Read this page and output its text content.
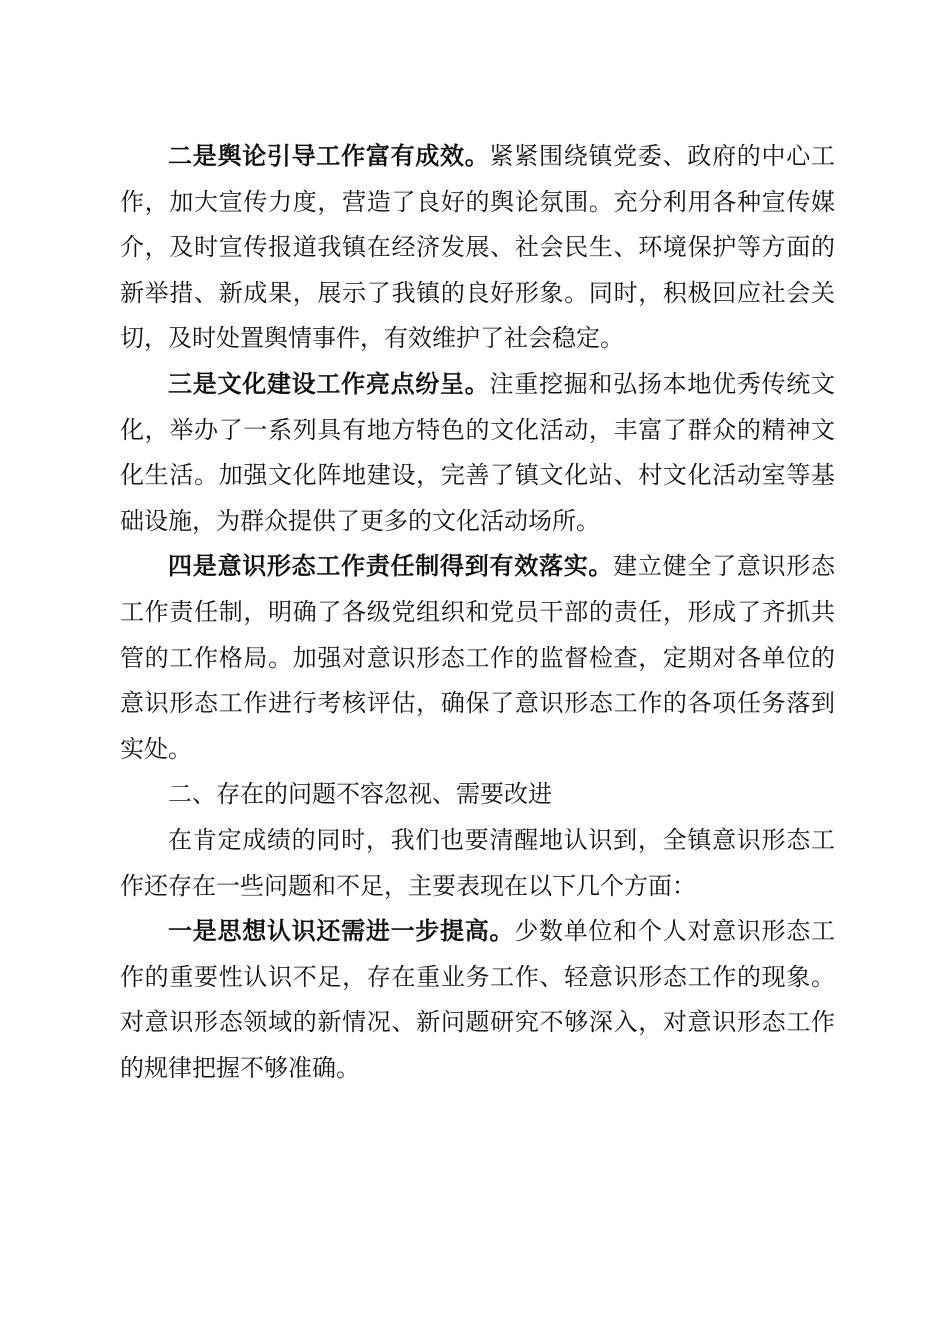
二是舆论引导工作富有成效。紧紧围绕镇党委、政府的中心工作，加大宣传力度，营造了良好的舆论氛围。充分利用各种宣传媒介，及时宣传报道我镇在经济发展、社会民生、环境保护等方面的新举措、新成果，展示了我镇的良好形象。同时，积极回应社会关切，及时处置舆情事件，有效维护了社会稳定。

三是文化建设工作亮点纷呈。注重挖掘和弘扬本地优秀传统文化，举办了一系列具有地方特色的文化活动，丰富了群众的精神文化生活。加强文化阵地建设，完善了镇文化站、村文化活动室等基础设施，为群众提供了更多的文化活动场所。

四是意识形态工作责任制得到有效落实。建立健全了意识形态工作责任制，明确了各级党组织和党员干部的责任，形成了齐抓共管的工作格局。加强对意识形态工作的监督检查，定期对各单位的意识形态工作进行考核评估，确保了意识形态工作的各项任务落到实处。

二、存在的问题不容忽视、需要改进

在肯定成绩的同时，我们也要清醒地认识到，全镇意识形态工作还存在一些问题和不足，主要表现在以下几个方面：

一是思想认识还需进一步提高。少数单位和个人对意识形态工作的重要性认识不足，存在重业务工作、轻意识形态工作的现象。对意识形态领域的新情况、新问题研究不够深入，对意识形态工作的规律把握不够准确。
